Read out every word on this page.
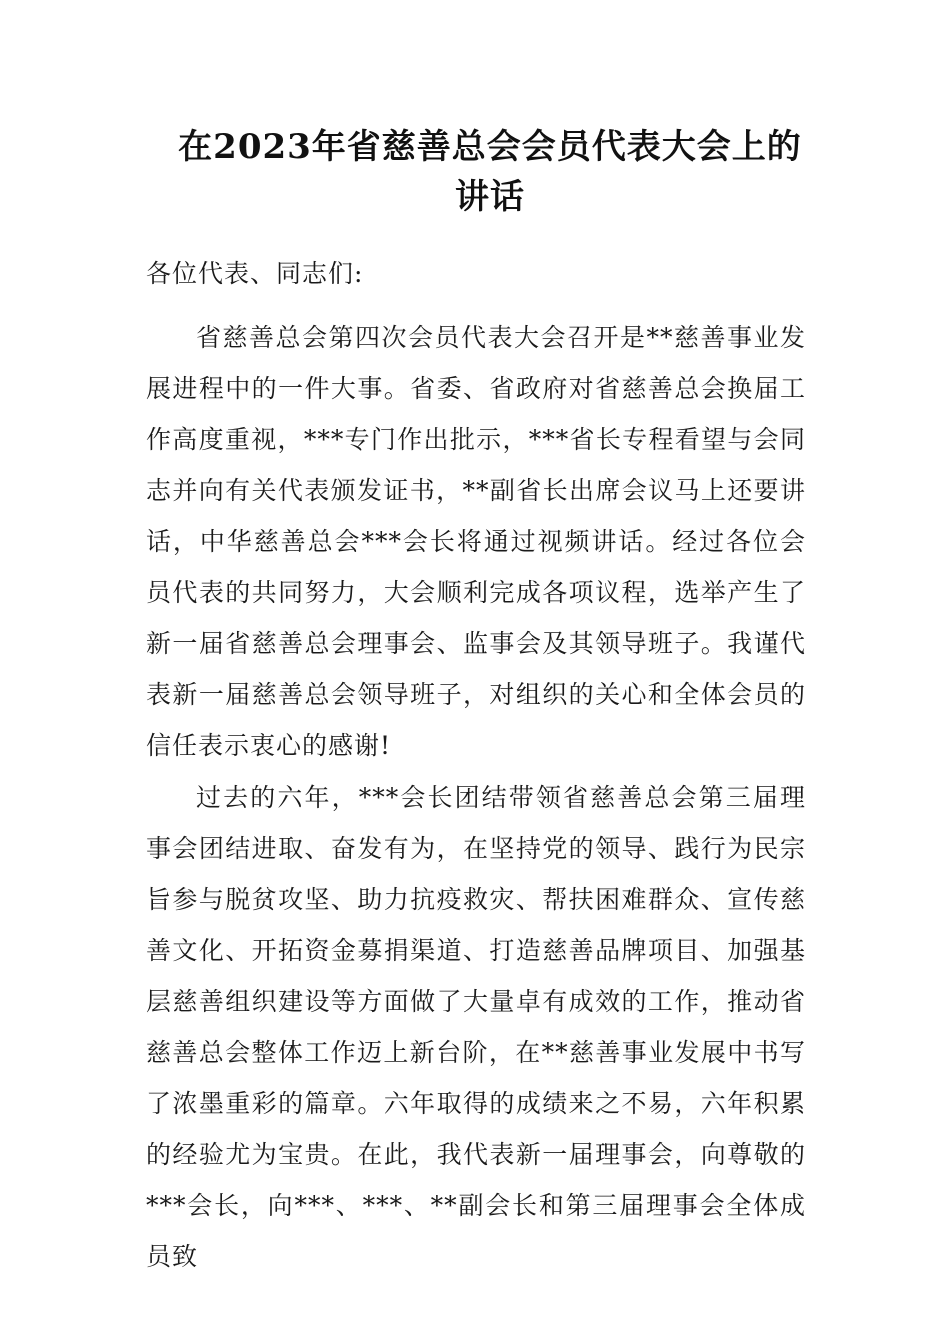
在2023年省慈善总会会员代表大会上的
讲话
各位代表、同志们:
省慈善总会第四次会员代表大会召开是**慈善事业发展进程中的一件大事。省委、省政府对省慈善总会换届工作高度重视，***专门作出批示，***省长专程看望与会同志并向有关代表颁发证书，**副省长出席会议马上还要讲话，中华慈善总会***会长将通过视频讲话。经过各位会员代表的共同努力，大会顺利完成各项议程，选举产生了新一届省慈善总会理事会、监事会及其领导班子。我谨代表新一届慈善总会领导班子，对组织的关心和全体会员的信任表示衷心的感谢!
过去的六年，***会长团结带领省慈善总会第三届理事会团结进取、奋发有为，在坚持党的领导、践行为民宗旨参与脱贫攻坚、助力抗疫救灾、帮扶困难群众、宣传慈善文化、开拓资金募捐渠道、打造慈善品牌项目、加强基层慈善组织建设等方面做了大量卓有成效的工作，推动省慈善总会整体工作迈上新台阶，在**慈善事业发展中书写了浓墨重彩的篇章。六年取得的成绩来之不易，六年积累的经验尤为宝贵。在此，我代表新一届理事会，向尊敬的***会长，向***、***、**副会长和第三届理事会全体成员致
